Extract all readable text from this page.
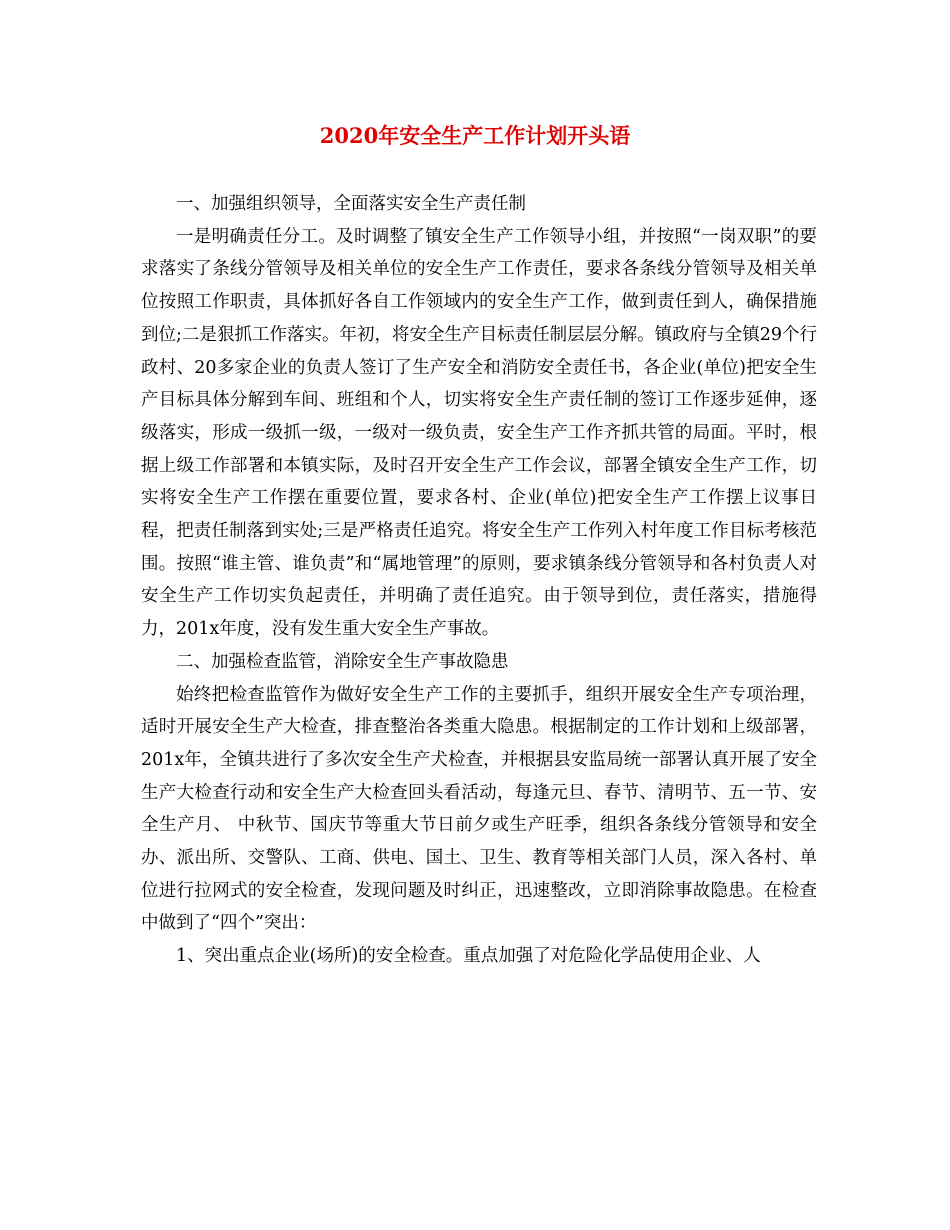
2020年安全生产工作计划开头语

一、加强组织领导，全面落实安全生产责任制

一是明确责任分工。及时调整了镇安全生产工作领导小组，并按照“一岗双职”的要求落实了条线分管领导及相关单位的安全生产工作责任，要求各条线分管领导及相关单位按照工作职责，具体抓好各自工作领域内的安全生产工作，做到责任到人，确保措施到位;二是狠抓工作落实。年初，将安全生产目标责任制层层分解。镇政府与全镇29个行政村、20多家企业的负责人签订了生产安全和消防安全责任书，各企业(单位)把安全生产目标具体分解到车间、班组和个人，切实将安全生产责任制的签订工作逐步延伸，逐级落实，形成一级抓一级，一级对一级负责，安全生产工作齐抓共管的局面。平时，根据上级工作部署和本镇实际，及时召开安全生产工作会议，部署全镇安全生产工作，切实将安全生产工作摆在重要位置，要求各村、企业(单位)把安全生产工作摆上议事日程，把责任制落到实处;三是严格责任追究。将安全生产工作列入村年度工作目标考核范围。按照“谁主管、谁负责”和“属地管理”的原则，要求镇条线分管领导和各村负责人对安全生产工作切实负起责任，并明确了责任追究。由于领导到位，责任落实，措施得力，201x年度，没有发生重大安全生产事故。

二、加强检查监管，消除安全生产事故隐患

始终把检查监管作为做好安全生产工作的主要抓手，组织开展安全生产专项治理，适时开展安全生产大检查，排查整治各类重大隐患。根据制定的工作计划和上级部署，201x年，全镇共进行了多次安全生产犬检查，并根据县安监局统一部署认真开展了安全生产大检查行动和安全生产大检查回头看活动，每逢元旦、春节、清明节、五一节、安全生产月、 中秋节、国庆节等重大节日前夕或生产旺季，组织各条线分管领导和安全办、派出所、交警队、工商、供电、国土、卫生、教育等相关部门人员，深入各村、单位进行拉网式的安全检查，发现问题及时纠正，迅速整改，立即消除事故隐患。在检查中做到了“四个”突出：

1、突出重点企业(场所)的安全检查。重点加强了对危险化学品使用企业、人
